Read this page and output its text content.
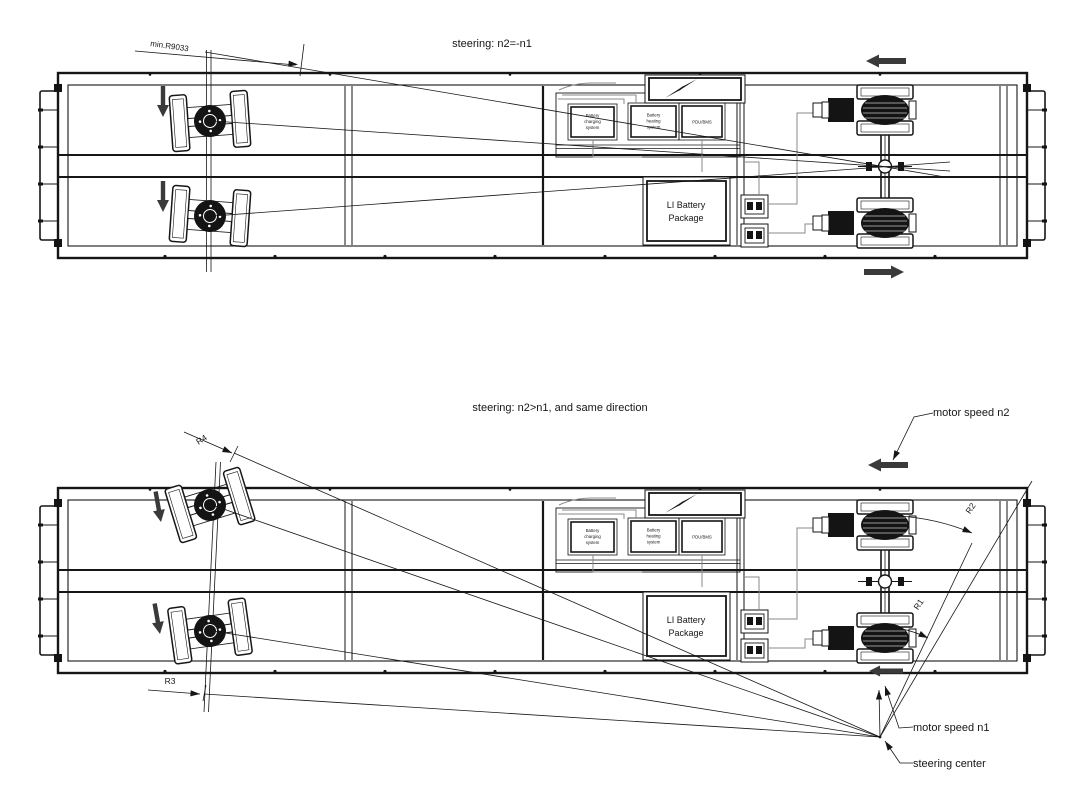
min.R9033	steering: n2=-n1
R4
R3
R1
R2
motor speed n2
motor speed n1
steering center
steering: n2>n1, and same direction
